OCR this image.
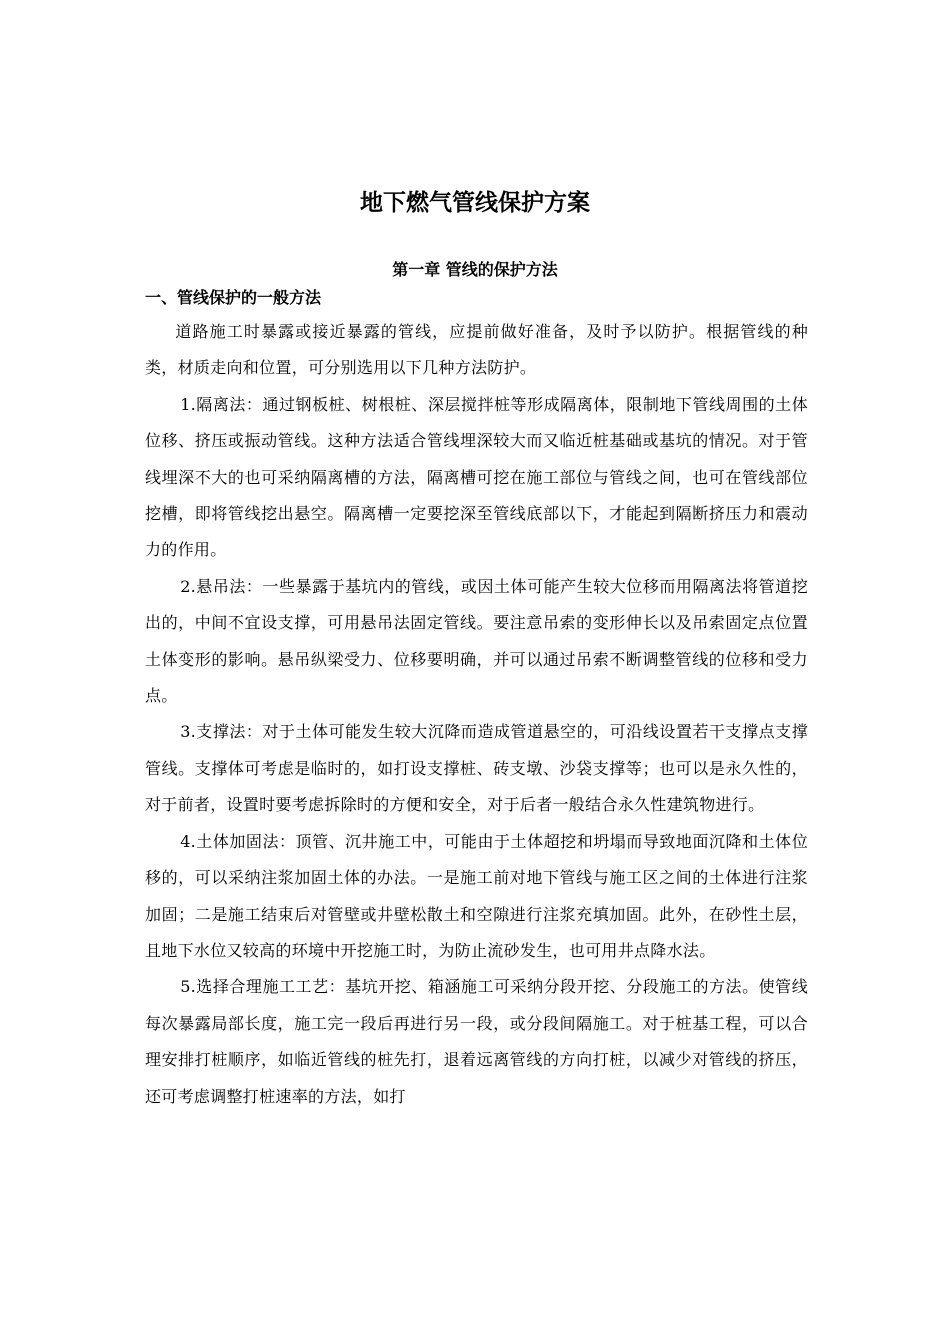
地下燃气管线保护方案
第一章 管线的保护方法
一、管线保护的一般方法

道路施工时暴露或接近暴露的管线，应提前做好准备，及时予以防护。根据管线的种类，材质走向和位置，可分别选用以下几种方法防护。

1.隔离法：通过钢板桩、树根桩、深层搅拌桩等形成隔离体，限制地下管线周围的土体位移、挤压或振动管线。这种方法适合管线埋深较大而又临近桩基础或基坑的情况。对于管线埋深不大的也可采纳隔离槽的方法，隔离槽可挖在施工部位与管线之间，也可在管线部位挖槽，即将管线挖出悬空。隔离槽一定要挖深至管线底部以下，才能起到隔断挤压力和震动力的作用。

2.悬吊法：一些暴露于基坑内的管线，或因土体可能产生较大位移而用隔离法将管道挖出的，中间不宜设支撑，可用悬吊法固定管线。要注意吊索的变形伸长以及吊索固定点位置土体变形的影响。悬吊纵梁受力、位移要明确，并可以通过吊索不断调整管线的位移和受力点。

3.支撑法：对于土体可能发生较大沉降而造成管道悬空的，可沿线设置若干支撑点支撑管线。支撑体可考虑是临时的，如打设支撑桩、砖支墩、沙袋支撑等；也可以是永久性的，对于前者，设置时要考虑拆除时的方便和安全，对于后者一般结合永久性建筑物进行。

4.土体加固法：顶管、沉井施工中，可能由于土体超挖和坍塌而导致地面沉降和土体位移的，可以采纳注浆加固土体的办法。一是施工前对地下管线与施工区之间的土体进行注浆加固；二是施工结束后对管壁或井壁松散土和空隙进行注浆充填加固。此外，在砂性土层， 且地下水位又较高的环境中开挖施工时，为防止流砂发生，也可用井点降水法。

5.选择合理施工工艺：基坑开挖、箱涵施工可采纳分段开挖、分段施工的方法。使管线每次暴露局部长度，施工完一段后再进行另一段，或分段间隔施工。对于桩基工程，可以合理安排打桩顺序，如临近管线的桩先打，退着远离管线的方向打桩，以减少对管线的挤压，还可考虑调整打桩速率的方法，如打
